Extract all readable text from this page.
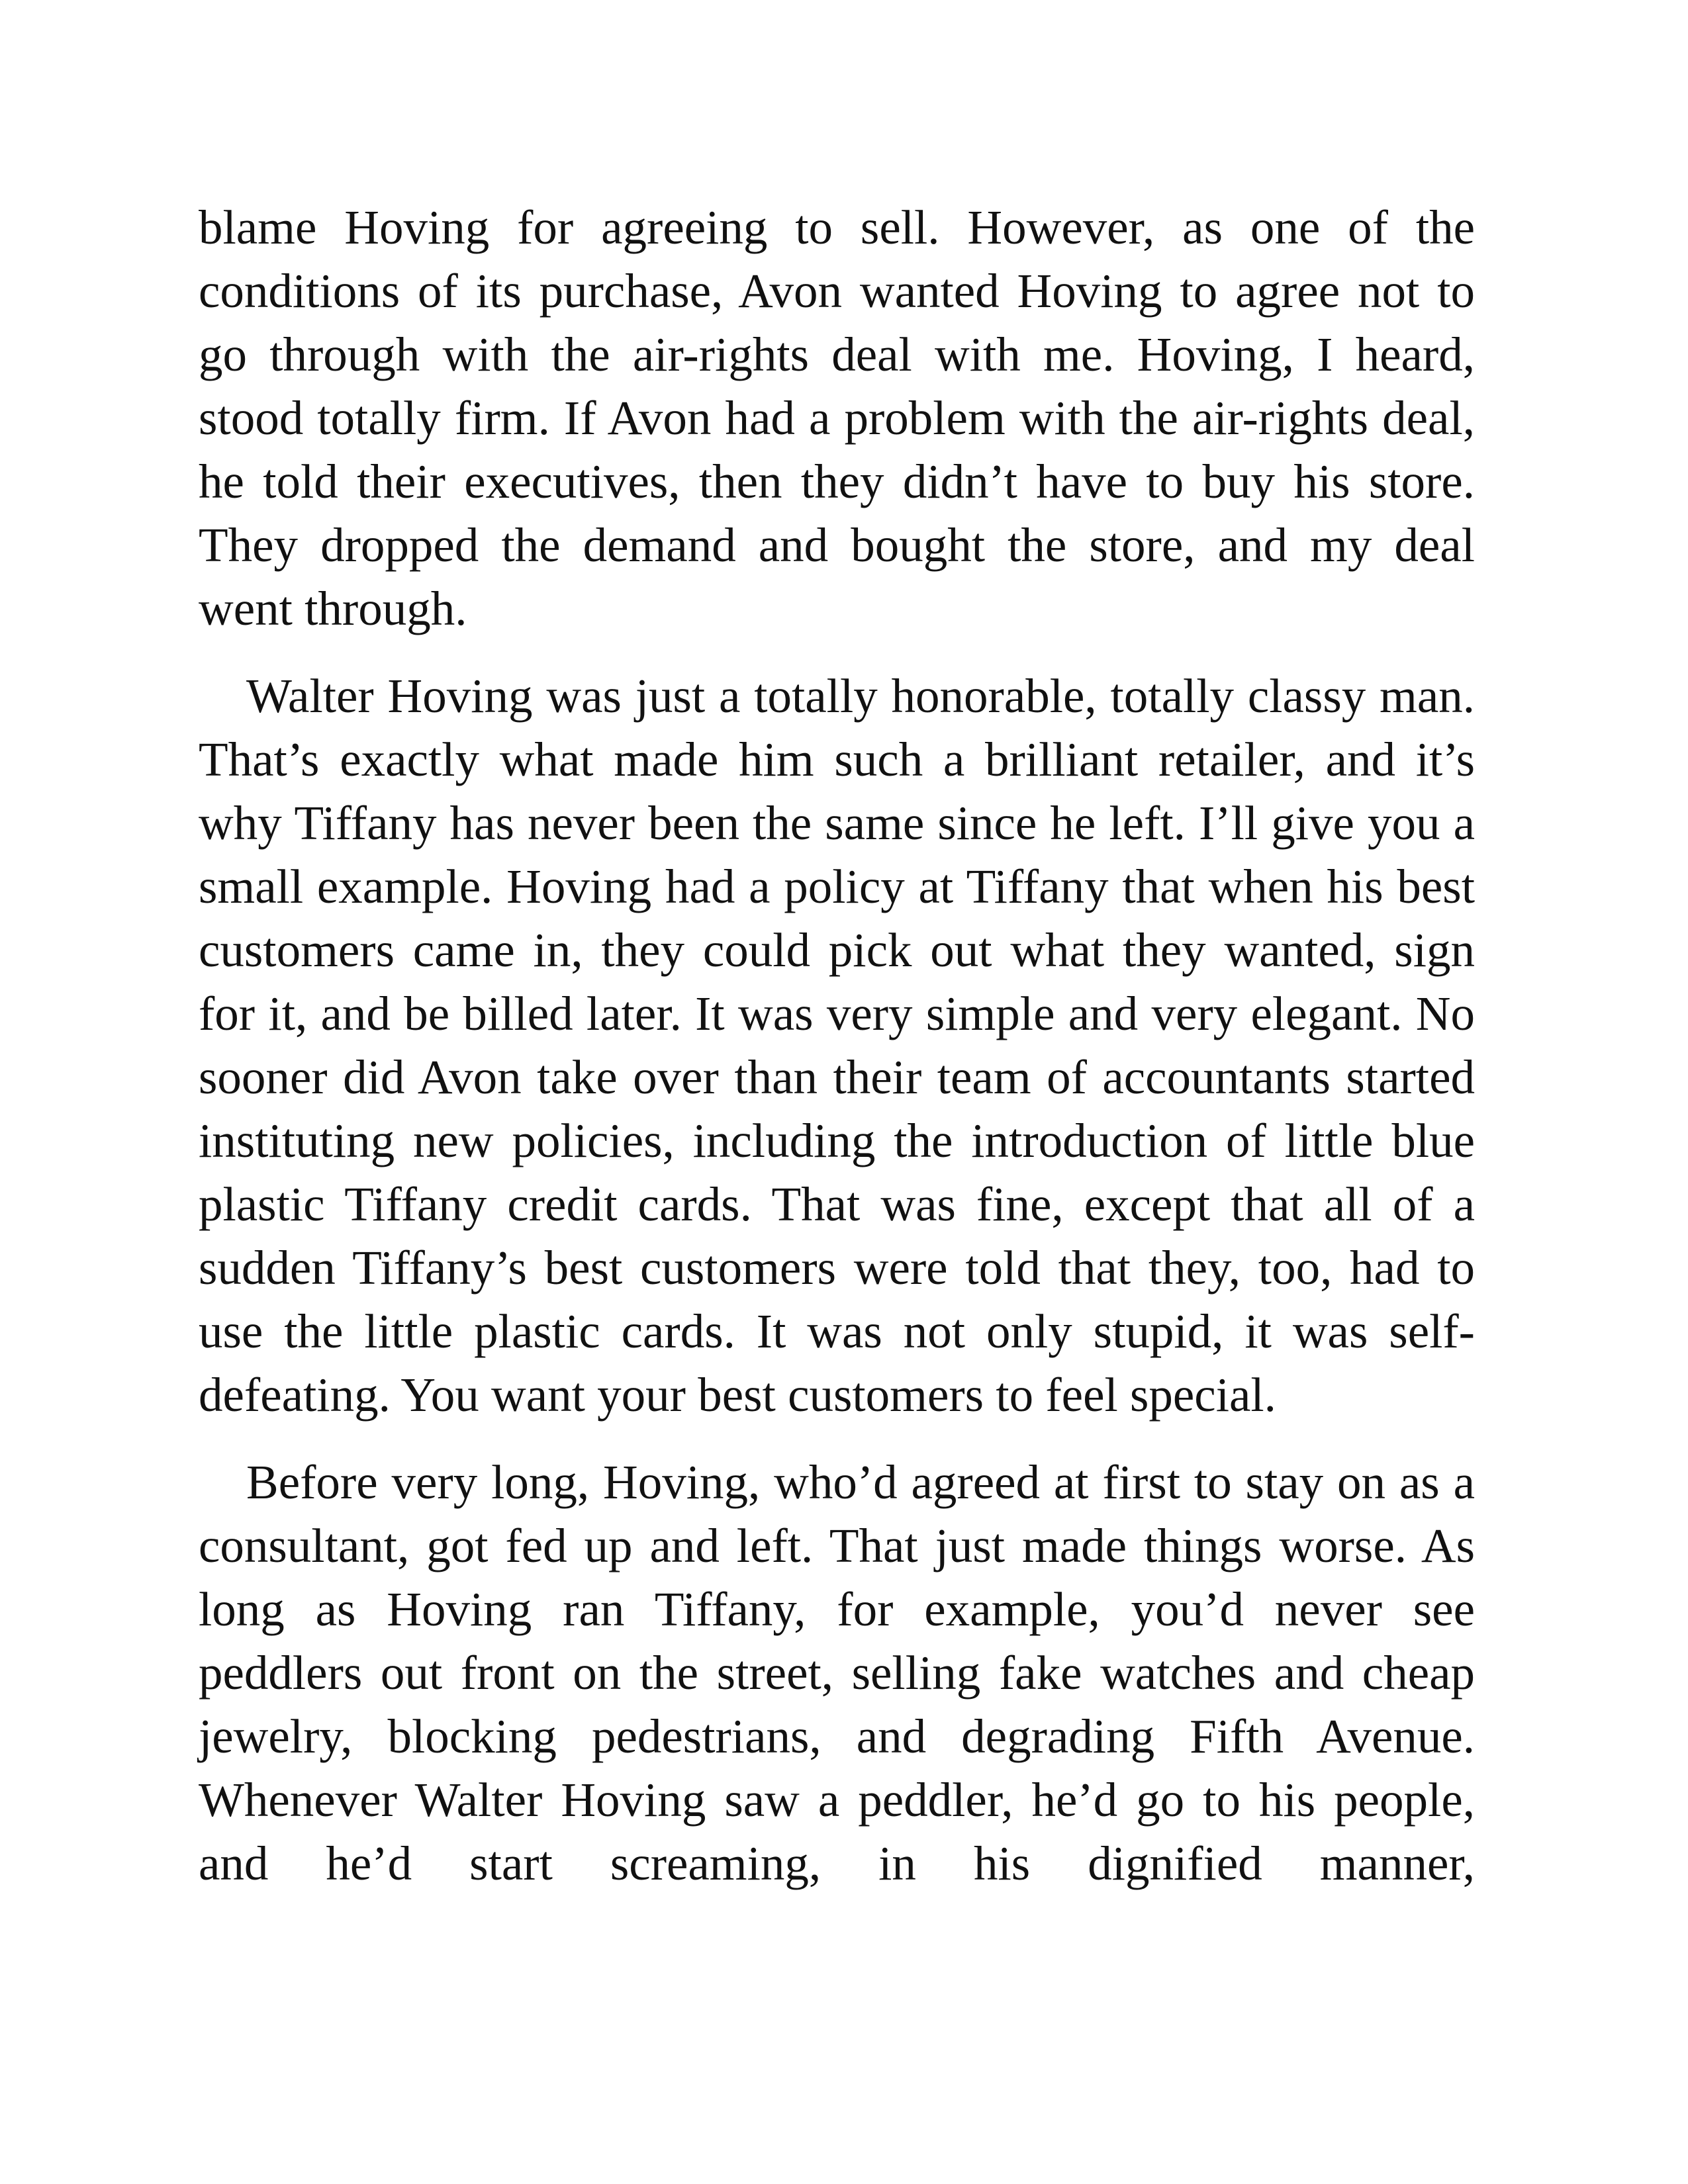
blame Hoving for agreeing to sell. However, as one of the conditions of its purchase, Avon wanted Hoving to agree not to go through with the air-rights deal with me. Hoving, I heard, stood totally firm. If Avon had a problem with the air-rights deal, he told their executives, then they didn’t have to buy his store. They dropped the demand and bought the store, and my deal went through.

Walter Hoving was just a totally honorable, totally classy man. That’s exactly what made him such a brilliant retailer, and it’s why Tiffany has never been the same since he left. I’ll give you a small example. Hoving had a policy at Tiffany that when his best customers came in, they could pick out what they wanted, sign for it, and be billed later. It was very simple and very elegant. No sooner did Avon take over than their team of accountants started instituting new policies, including the introduction of little blue plastic Tiffany credit cards. That was fine, except that all of a sudden Tiffany’s best customers were told that they, too, had to use the little plastic cards. It was not only stupid, it was self-defeating. You want your best customers to feel special.

Before very long, Hoving, who’d agreed at first to stay on as a consultant, got fed up and left. That just made things worse. As long as Hoving ran Tiffany, for example, you’d never see peddlers out front on the street, selling fake watches and cheap jewelry, blocking pedestrians, and degrading Fifth Avenue. Whenever Walter Hoving saw a peddler, he’d go to his people, and he’d start screaming, in his dignified manner,
